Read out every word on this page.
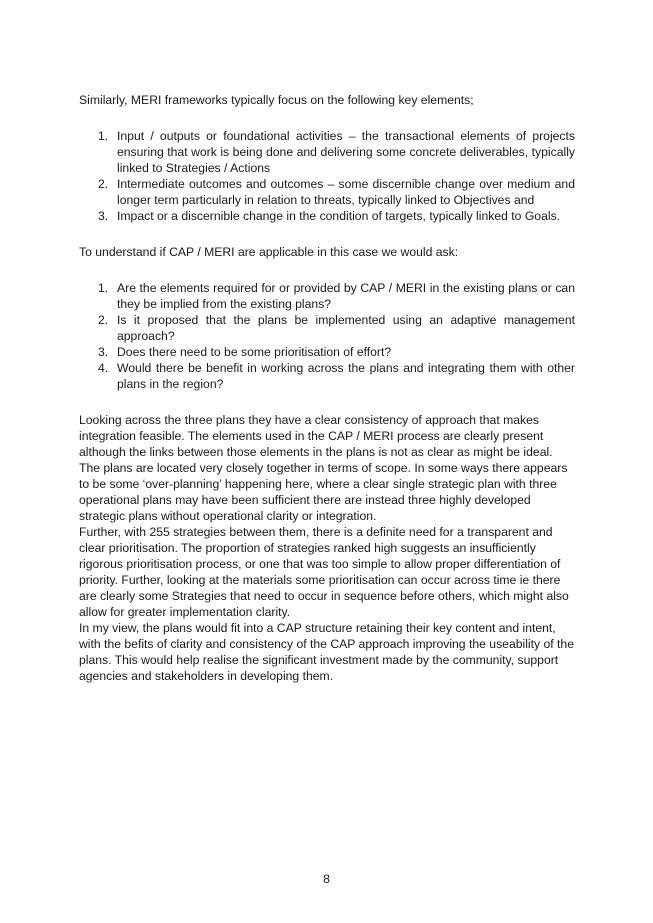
Similarly, MERI frameworks typically focus on the following key elements;

1. Input / outputs or foundational activities – the transactional elements of projects ensuring that work is being done and delivering some concrete deliverables, typically linked to Strategies / Actions
2. Intermediate outcomes and outcomes – some discernible change over medium and longer term particularly in relation to threats, typically linked to Objectives and
3. Impact or a discernible change in the condition of targets, typically linked to Goals.

To understand if CAP / MERI are applicable in this case we would ask:

1. Are the elements required for or provided by CAP / MERI in the existing plans or can they be implied from the existing plans?
2. Is it proposed that the plans be implemented using an adaptive management approach?
3. Does there need to be some prioritisation of effort?
4. Would there be benefit in working across the plans and integrating them with other plans in the region?

Looking across the three plans they have a clear consistency of approach that makes integration feasible. The elements used in the CAP / MERI process are clearly present although the links between those elements in the plans is not as clear as might be ideal.

The plans are located very closely together in terms of scope. In some ways there appears to be some ‘over-planning’ happening here, where a clear single strategic plan with three operational plans may have been sufficient there are instead three highly developed strategic plans without operational clarity or integration.

Further, with 255 strategies between them, there is a definite need for a transparent and clear prioritisation. The proportion of strategies ranked high suggests an insufficiently rigorous prioritisation process, or one that was too simple to allow proper differentiation of priority. Further, looking at the materials some prioritisation can occur across time ie there are clearly some Strategies that need to occur in sequence before others, which might also allow for greater implementation clarity.

In my view, the plans would fit into a CAP structure retaining their key content and intent, with the befits of clarity and consistency of the CAP approach improving the useability of the plans. This would help realise the significant investment made by the community, support agencies and stakeholders in developing them.

8
